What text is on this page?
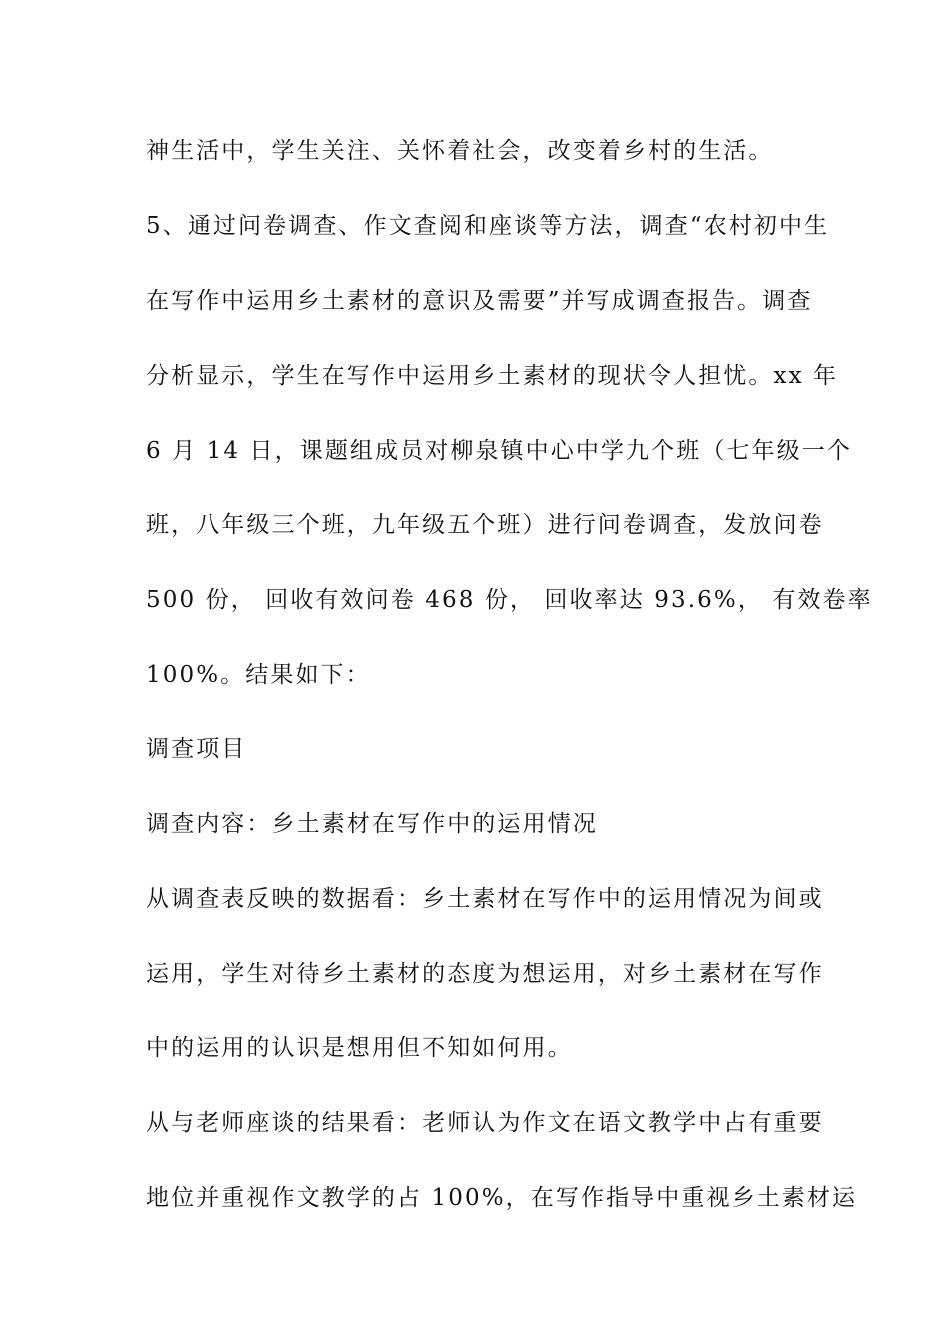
神生活中，学生关注、关怀着社会，改变着乡村的生活。
5、通过问卷调查、作文查阅和座谈等方法，调查“农村初中生
在写作中运用乡土素材的意识及需要”并写成调查报告。调查
分析显示，学生在写作中运用乡土素材的现状令人担忧。xx 年
6 月 14 日，课题组成员对柳泉镇中心中学九个班（七年级一个
班，八年级三个班，九年级五个班）进行问卷调查，发放问卷
500 份， 回收有效问卷 468 份， 回收率达 93.6%， 有效卷率
100%。结果如下：
调查项目
调查内容：乡土素材在写作中的运用情况
从调查表反映的数据看：乡土素材在写作中的运用情况为间或
运用，学生对待乡土素材的态度为想运用，对乡土素材在写作
中的运用的认识是想用但不知如何用。
从与老师座谈的结果看：老师认为作文在语文教学中占有重要
地位并重视作文教学的占 100%，在写作指导中重视乡土素材运
